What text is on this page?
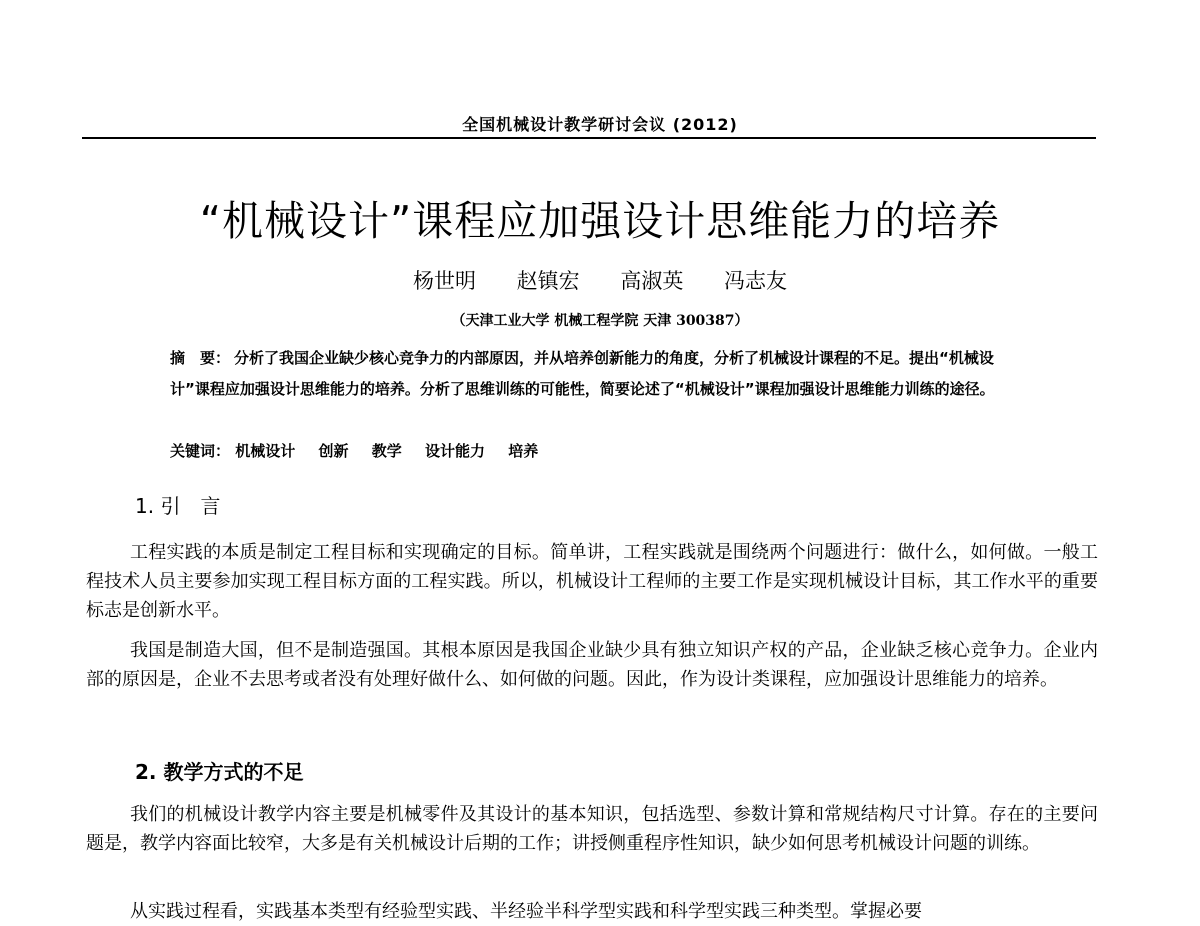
全国机械设计教学研讨会议 (2012)
“机械设计”课程应加强设计思维能力的培养
杨世明 赵镇宏 高淑英 冯志友
（天津工业大学 机械工程学院 天津 300387）
摘　要： 分析了我国企业缺少核心竞争力的内部原因，并从培养创新能力的角度，分析了机械设计课程的不足。提出“机械设计”课程应加强设计思维能力的培养。分析了思维训练的可能性，简要论述了“机械设计”课程加强设计思维能力训练的途径。
关键词： 机械设计 创新 教学 设计能力 培养
1. 引　言
工程实践的本质是制定工程目标和实现确定的目标。简单讲，工程实践就是围绕两个问题进行：做什么，如何做。一般工程技术人员主要参加实现工程目标方面的工程实践。所以，机械设计工程师的主要工作是实现机械设计目标，其工作水平的重要标志是创新水平。
我国是制造大国，但不是制造强国。其根本原因是我国企业缺少具有独立知识产权的产品，企业缺乏核心竞争力。企业内部的原因是，企业不去思考或者没有处理好做什么、如何做的问题。因此，作为设计类课程，应加强设计思维能力的培养。
2. 教学方式的不足
我们的机械设计教学内容主要是机械零件及其设计的基本知识，包括选型、参数计算和常规结构尺寸计算。存在的主要问题是，教学内容面比较窄，大多是有关机械设计后期的工作；讲授侧重程序性知识，缺少如何思考机械设计问题的训练。
从实践过程看，实践基本类型有经验型实践、半经验半科学型实践和科学型实践三种类型。掌握必要
